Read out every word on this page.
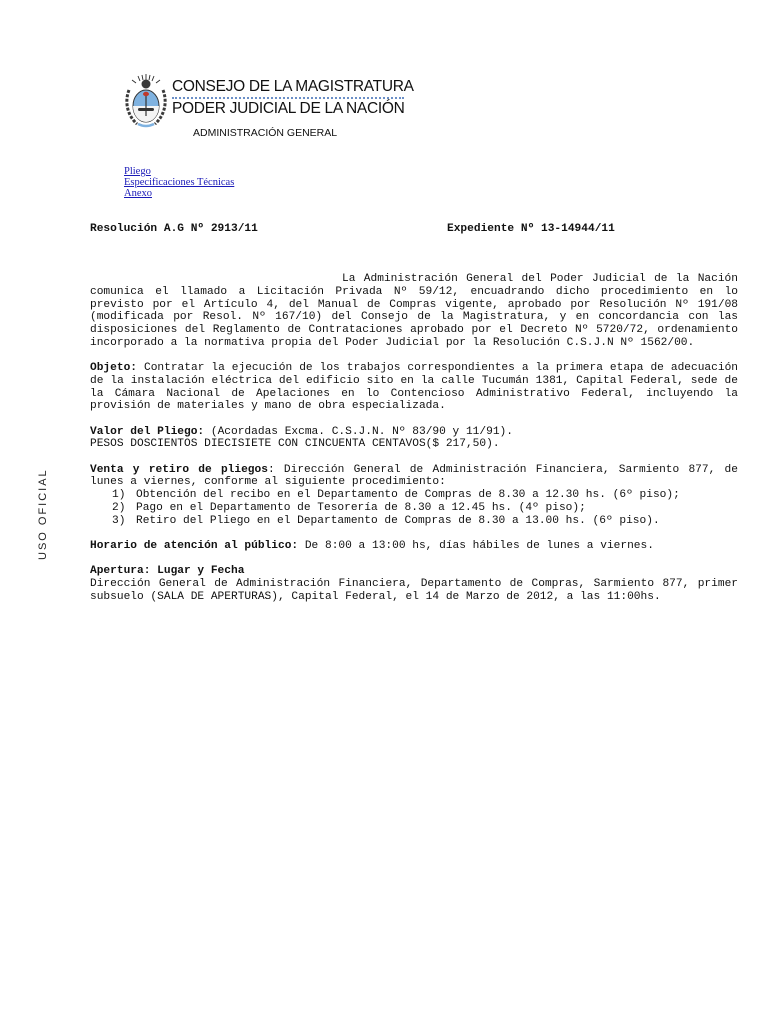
CONSEJO DE LA MAGISTRATURA
PODER JUDICIAL DE LA NACIÓN
ADMINISTRACIÓN GENERAL
Pliego
Especificaciones Técnicas
Anexo
USO OFICIAL
Resolución A.G Nº 2913/11	Expediente Nº 13-14944/11

La Administración General del Poder Judicial de la Nación comunica el llamado a Licitación Privada Nº 59/12, encuadrando dicho procedimiento en lo previsto por el Artículo 4, del Manual de Compras vigente, aprobado por Resolución Nº 191/08 (modificada por Resol. Nº 167/10) del Consejo de la Magistratura, y en concordancia con las disposiciones del Reglamento de Contrataciones aprobado por el Decreto Nº 5720/72, ordenamiento incorporado a la normativa propia del Poder Judicial por la Resolución C.S.J.N Nº 1562/00.

Objeto: Contratar la ejecución de los trabajos correspondientes a la primera etapa de adecuación de la instalación eléctrica del edificio sito en la calle Tucumán 1381, Capital Federal, sede de la Cámara Nacional de Apelaciones en lo Contencioso Administrativo Federal, incluyendo la provisión de materiales y mano de obra especializada.

Valor del Pliego: (Acordadas Excma. C.S.J.N. Nº 83/90 y 11/91).
PESOS DOSCIENTOS DIECISIETE CON CINCUENTA CENTAVOS($ 217,50).

Venta y retiro de pliegos: Dirección General de Administración Financiera, Sarmiento 877, de lunes a viernes, conforme al siguiente procedimiento:

1) Obtención del recibo en el Departamento de Compras de 8.30 a 12.30 hs. (6º piso);
2) Pago en el Departamento de Tesorería de 8.30 a 12.45 hs. (4º piso);
3) Retiro del Pliego en el Departamento de Compras de 8.30 a 13.00 hs. (6º piso).

Horario de atención al público: De 8:00 a 13:00 hs, días hábiles de lunes a viernes.

Apertura: Lugar y Fecha
Dirección General de Administración Financiera, Departamento de Compras, Sarmiento 877, primer subsuelo (SALA DE APERTURAS), Capital Federal, el 14 de Marzo de 2012, a las 11:00hs.
